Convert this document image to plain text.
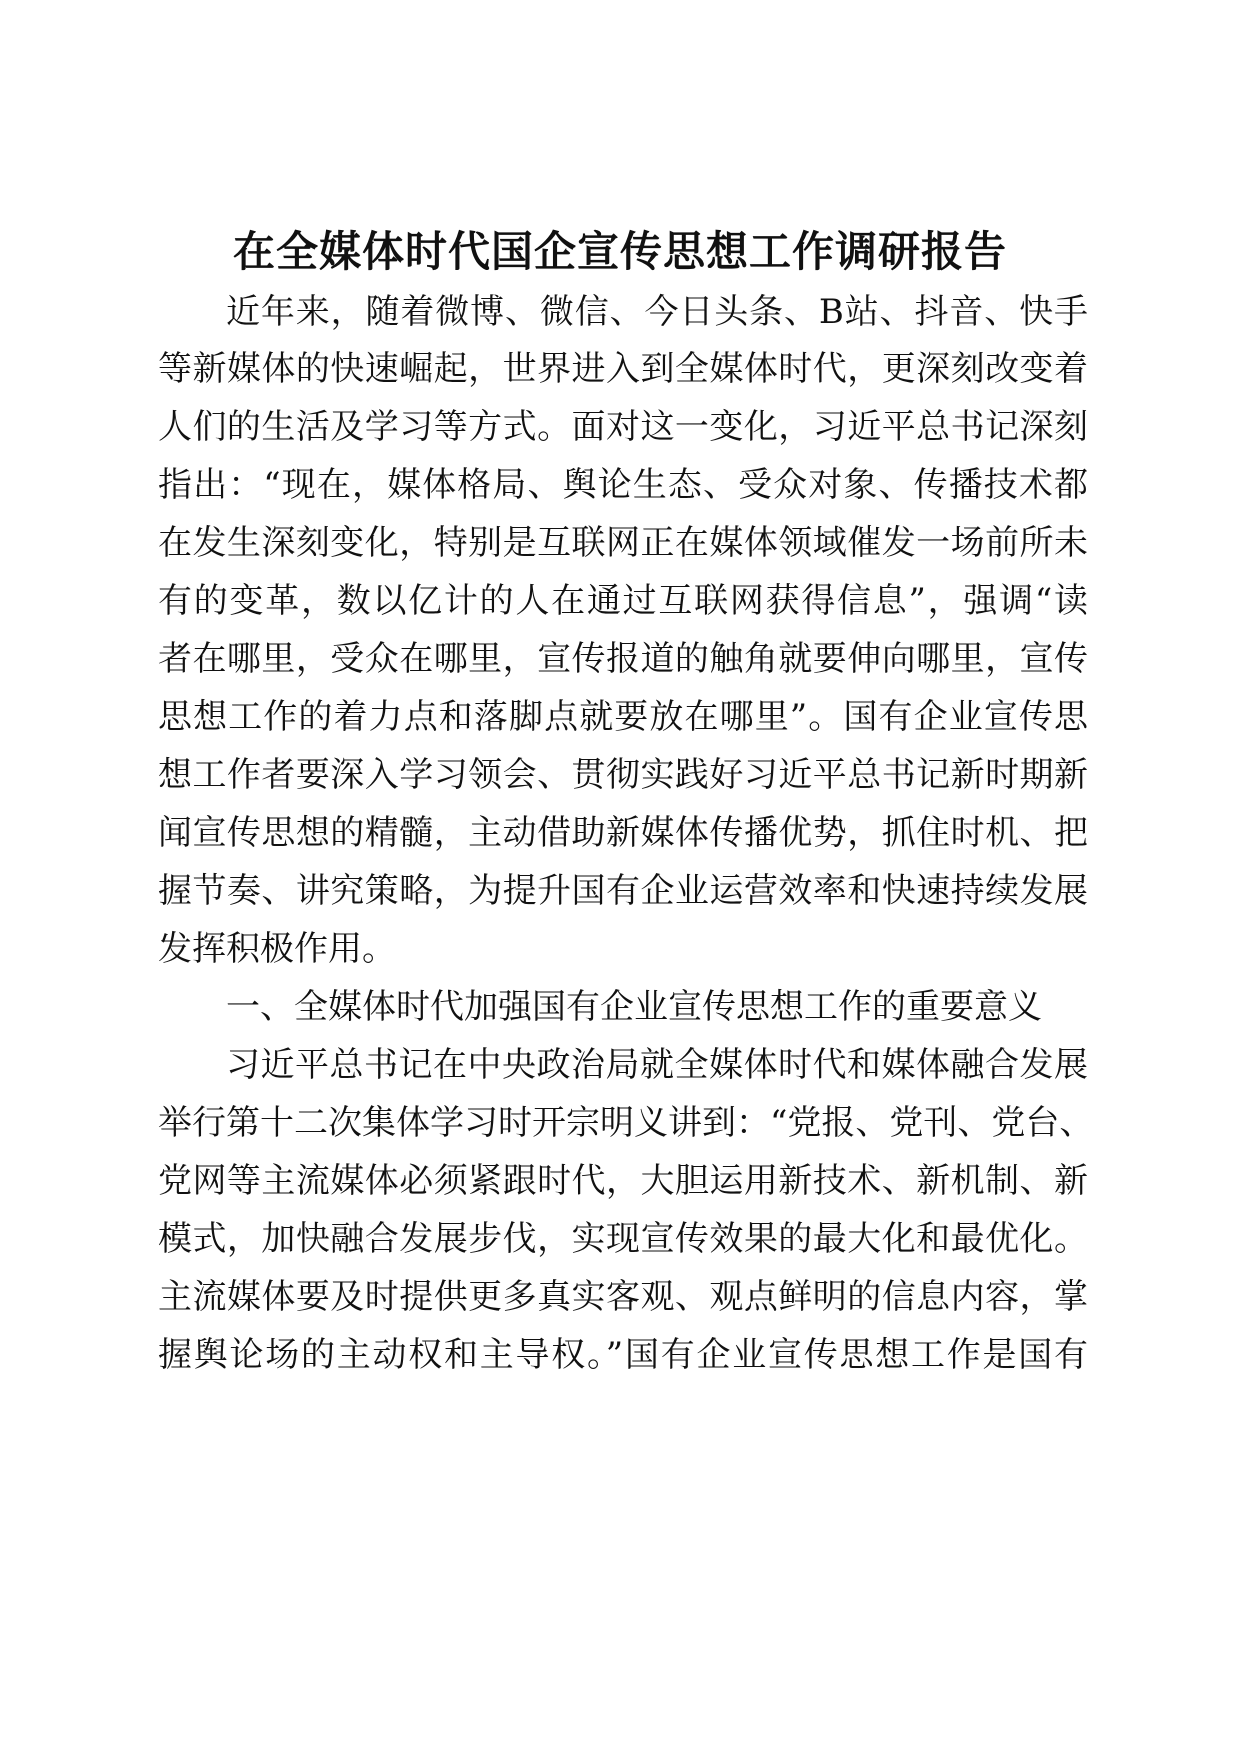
在全媒体时代国企宣传思想工作调研报告

近年来，随着微博、微信、今日头条、B站、抖音、快手

等新媒体的快速崛起，世界进入到全媒体时代，更深刻改变着

人们的生活及学习等方式。面对这一变化，习近平总书记深刻

指出：“现在，媒体格局、舆论生态、受众对象、传播技术都

在发生深刻变化，特别是互联网正在媒体领域催发一场前所未

有的变革，数以亿计的人在通过互联网获得信息”，强调“读

者在哪里，受众在哪里，宣传报道的触角就要伸向哪里，宣传

思想工作的着力点和落脚点就要放在哪里”。国有企业宣传思

想工作者要深入学习领会、贯彻实践好习近平总书记新时期新

闻宣传思想的精髓，主动借助新媒体传播优势，抓住时机、把

握节奏、讲究策略，为提升国有企业运营效率和快速持续发展

发挥积极作用。

一、全媒体时代加强国有企业宣传思想工作的重要意义

习近平总书记在中央政治局就全媒体时代和媒体融合发展

举行第十二次集体学习时开宗明义讲到：“党报、党刊、党台、

党网等主流媒体必须紧跟时代，大胆运用新技术、新机制、新

模式，加快融合发展步伐，实现宣传效果的最大化和最优化。

主流媒体要及时提供更多真实客观、观点鲜明的信息内容，掌

握舆论场的主动权和主导权。”国有企业宣传思想工作是国有
